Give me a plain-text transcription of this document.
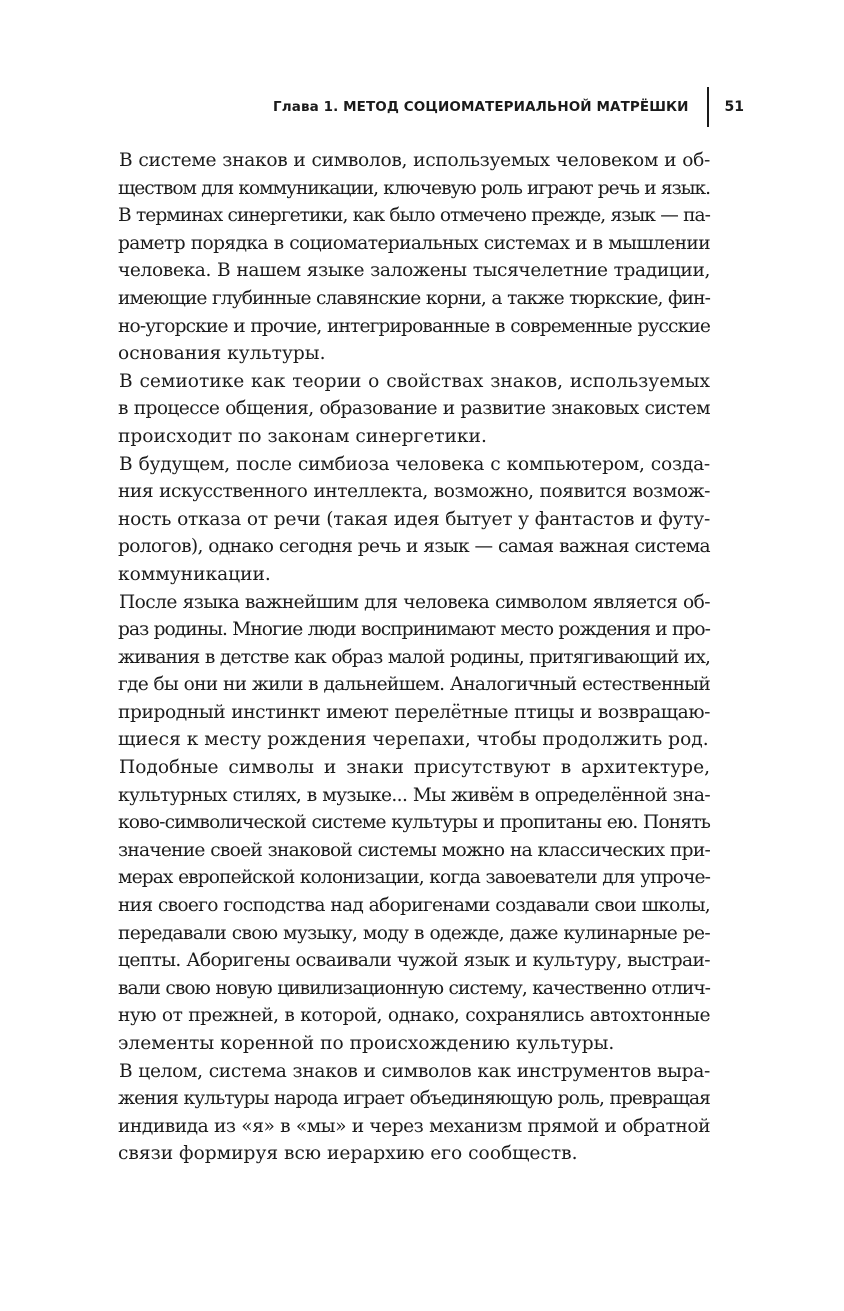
Глава 1. МЕТОД СОЦИОМАТЕРИАЛЬНОЙ МАТРЁШКИ	51
В системе знаков и символов, используемых человеком и об-
ществом для коммуникации, ключевую роль играют речь и язык.
В терминах синергетики, как было отмечено прежде, язык — па-
раметр порядка в социоматериальных системах и в мышлении
человека. В нашем языке заложены тысячелетние традиции,
имеющие глубинные славянские корни, а также тюркские, фин-
но-угорские и прочие, интегрированные в современные русские
основания культуры.
В семиотике как теории о свойствах знаков, используемых
в процессе общения, образование и развитие знаковых систем
происходит по законам синергетики.
В будущем, после симбиоза человека с компьютером, созда-
ния искусственного интеллекта, возможно, появится возмож-
ность отказа от речи (такая идея бытует у фантастов и футу-
рологов), однако сегодня речь и язык — самая важная система
коммуникации.
После языка важнейшим для человека символом является об-
раз родины. Многие люди воспринимают место рождения и про-
живания в детстве как образ малой родины, притягивающий их,
где бы они ни жили в дальнейшем. Аналогичный естественный
природный инстинкт имеют перелётные птицы и возвращаю-
щиеся к месту рождения черепахи, чтобы продолжить род.
Подобные символы и знаки присутствуют в архитектуре,
культурных стилях, в музыке... Мы живём в определённой зна-
ково-символической системе культуры и пропитаны ею. Понять
значение своей знаковой системы можно на классических при-
мерах европейской колонизации, когда завоеватели для упроче-
ния своего господства над аборигенами создавали свои школы,
передавали свою музыку, моду в одежде, даже кулинарные ре-
цепты. Аборигены осваивали чужой язык и культуру, выстраи-
вали свою новую цивилизационную систему, качественно отлич-
ную от прежней, в которой, однако, сохранялись автохтонные
элементы коренной по происхождению культуры.
В целом, система знаков и символов как инструментов выра-
жения культуры народа играет объединяющую роль, превращая
индивида из «я» в «мы» и через механизм прямой и обратной
связи формируя всю иерархию его сообществ.
